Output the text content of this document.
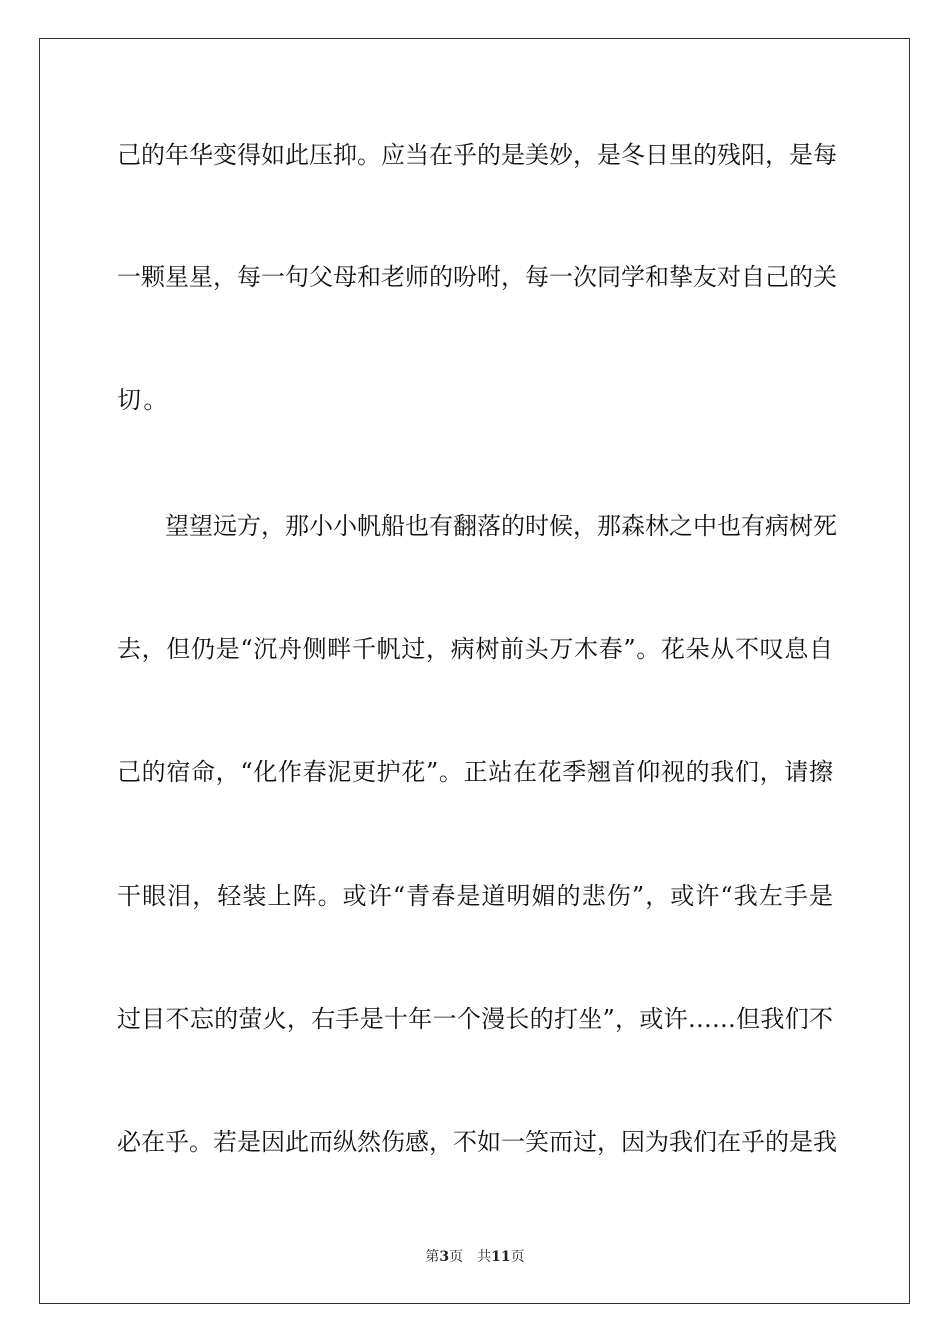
己的年华变得如此压抑。应当在乎的是美妙，是冬日里的残阳，是每
一颗星星，每一句父母和老师的吩咐，每一次同学和挚友对自己的关
切。
望望远方，那小小帆船也有翻落的时候，那森林之中也有病树死
去，但仍是“沉舟侧畔千帆过，病树前头万木春”。花朵从不叹息自
己的宿命，“化作春泥更护花”。正站在花季翘首仰视的我们，请擦
干眼泪，轻装上阵。或许“青春是道明媚的悲伤”，或许“我左手是
过目不忘的萤火，右手是十年一个漫长的打坐”，或许……但我们不
必在乎。若是因此而纵然伤感，不如一笑而过，因为我们在乎的是我
第3页 共11页
